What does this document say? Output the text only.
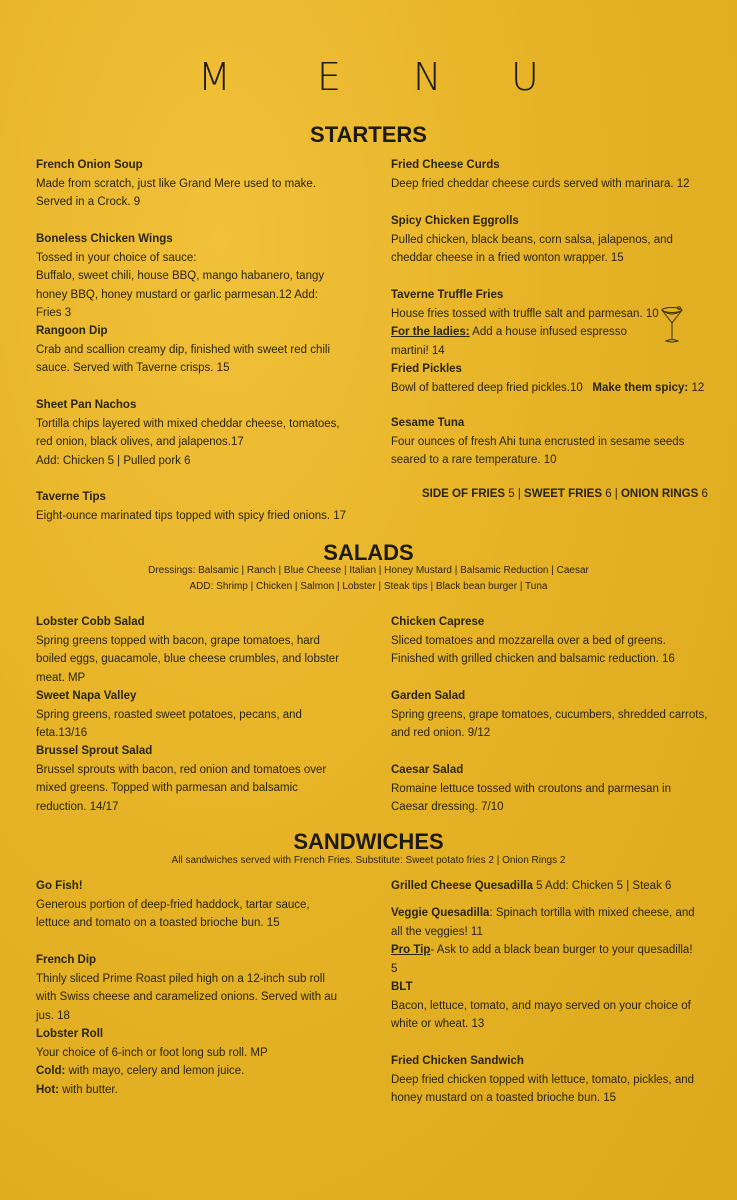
M E N U
STARTERS
French Onion Soup

Made from scratch, just like Grand Mere used to make. Served in a Crock. 9

Boneless Chicken Wings

Tossed in your choice of sauce:

Buffalo, sweet chili, house BBQ, mango habanero, tangy honey BBQ, honey mustard or garlic parmesan.12 Add: Fries 3

Rangoon Dip

Crab and scallion creamy dip, finished with sweet red chili sauce. Served with Taverne crisps. 15

Sheet Pan Nachos

Tortilla chips layered with mixed cheddar cheese, tomatoes, red onion, black olives, and jalapenos.17

Add: Chicken 5 | Pulled pork 6

Taverne Tips

Eight-ounce marinated tips topped with spicy fried onions. 17

Fried Cheese Curds

Deep fried cheddar cheese curds served with marinara. 12

Spicy Chicken Eggrolls

Pulled chicken, black beans, corn salsa, jalapenos, and cheddar cheese in a fried wonton wrapper. 15

Taverne Truffle Fries

House fries tossed with truffle salt and parmesan. 10

For the ladies: Add a house infused espresso martini! 14

Fried Pickles

Bowl of battered deep fried pickles.10 Make them spicy: 12

Sesame Tuna

Four ounces of fresh Ahi tuna encrusted in sesame seeds seared to a rare temperature. 10

SIDE OF FRIES 5 | SWEET FRIES 6 | ONION RINGS 6
SALADS
Dressings: Balsamic | Ranch | Blue Cheese | Italian | Honey Mustard | Balsamic Reduction | Caesar
ADD: Shrimp | Chicken | Salmon | Lobster | Steak tips | Black bean burger | Tuna
Lobster Cobb Salad

Spring greens topped with bacon, grape tomatoes, hard boiled eggs, guacamole, blue cheese crumbles, and lobster meat. MP

Sweet Napa Valley

Spring greens, roasted sweet potatoes, pecans, and feta.13/16

Brussel Sprout Salad

Brussel sprouts with bacon, red onion and tomatoes over mixed greens. Topped with parmesan and balsamic reduction. 14/17

Chicken Caprese

Sliced tomatoes and mozzarella over a bed of greens. Finished with grilled chicken and balsamic reduction. 16

Garden Salad

Spring greens, grape tomatoes, cucumbers, shredded carrots, and red onion. 9/12

Caesar Salad

Romaine lettuce tossed with croutons and parmesan in Caesar dressing. 7/10

SANDWICHES
All sandwiches served with French Fries. Substitute: Sweet potato fries 2 | Onion Rings 2
Go Fish!

Generous portion of deep-fried haddock, tartar sauce, lettuce and tomato on a toasted brioche bun. 15

French Dip

Thinly sliced Prime Roast piled high on a 12-inch sub roll with Swiss cheese and caramelized onions. Served with au jus. 18

Lobster Roll

Your choice of 6-inch or foot long sub roll. MP

Cold: with mayo, celery and lemon juice.

Hot: with butter.

Grilled Cheese Quesadilla 5 Add: Chicken 5 | Steak 6

Veggie Quesadilla: Spinach tortilla with mixed cheese, and all the veggies! 11

Pro Tip- Ask to add a black bean burger to your quesadilla! 5

BLT

Bacon, lettuce, tomato, and mayo served on your choice of white or wheat. 13

Fried Chicken Sandwich

Deep fried chicken topped with lettuce, tomato, pickles, and honey mustard on a toasted brioche bun. 15
